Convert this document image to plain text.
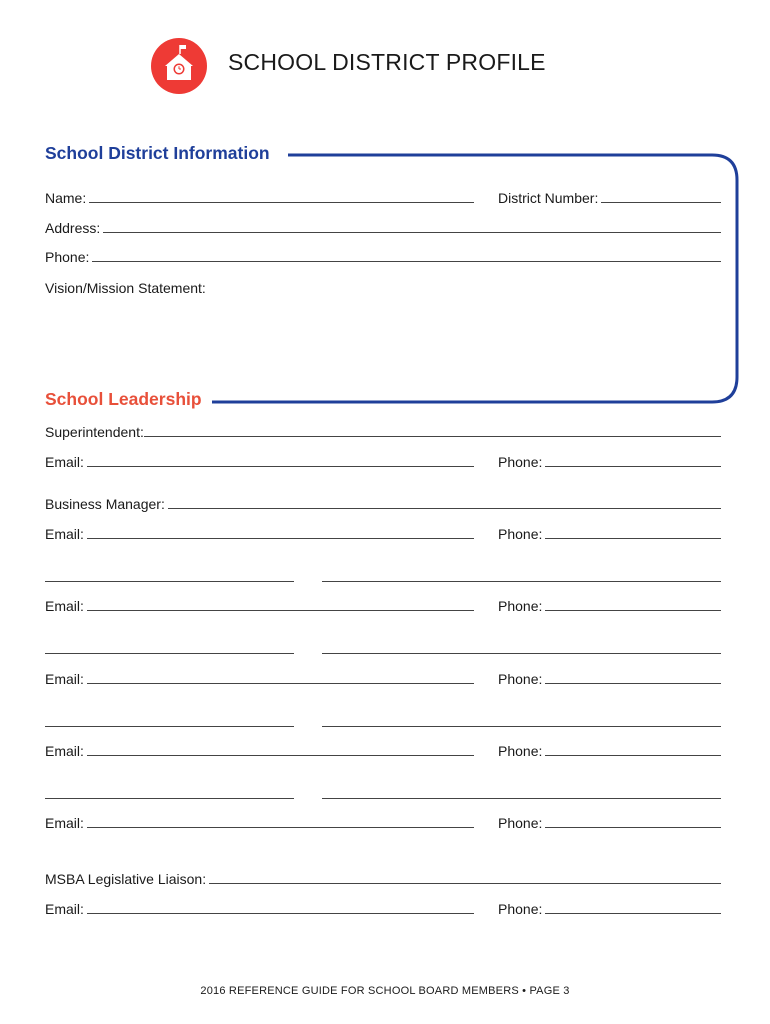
SCHOOL DISTRICT PROFILE
School District Information
Name:	District Number:
Address:
Phone:
Vision/Mission Statement:
School Leadership
Superintendent:
Email:	Phone:
Business Manager:
Email:	Phone:
Email:	Phone:
Email:	Phone:
Email:	Phone:
Email:	Phone:
MSBA Legislative Liaison:
Email:	Phone:
2016 REFERENCE GUIDE FOR SCHOOL BOARD MEMBERS • PAGE 3
